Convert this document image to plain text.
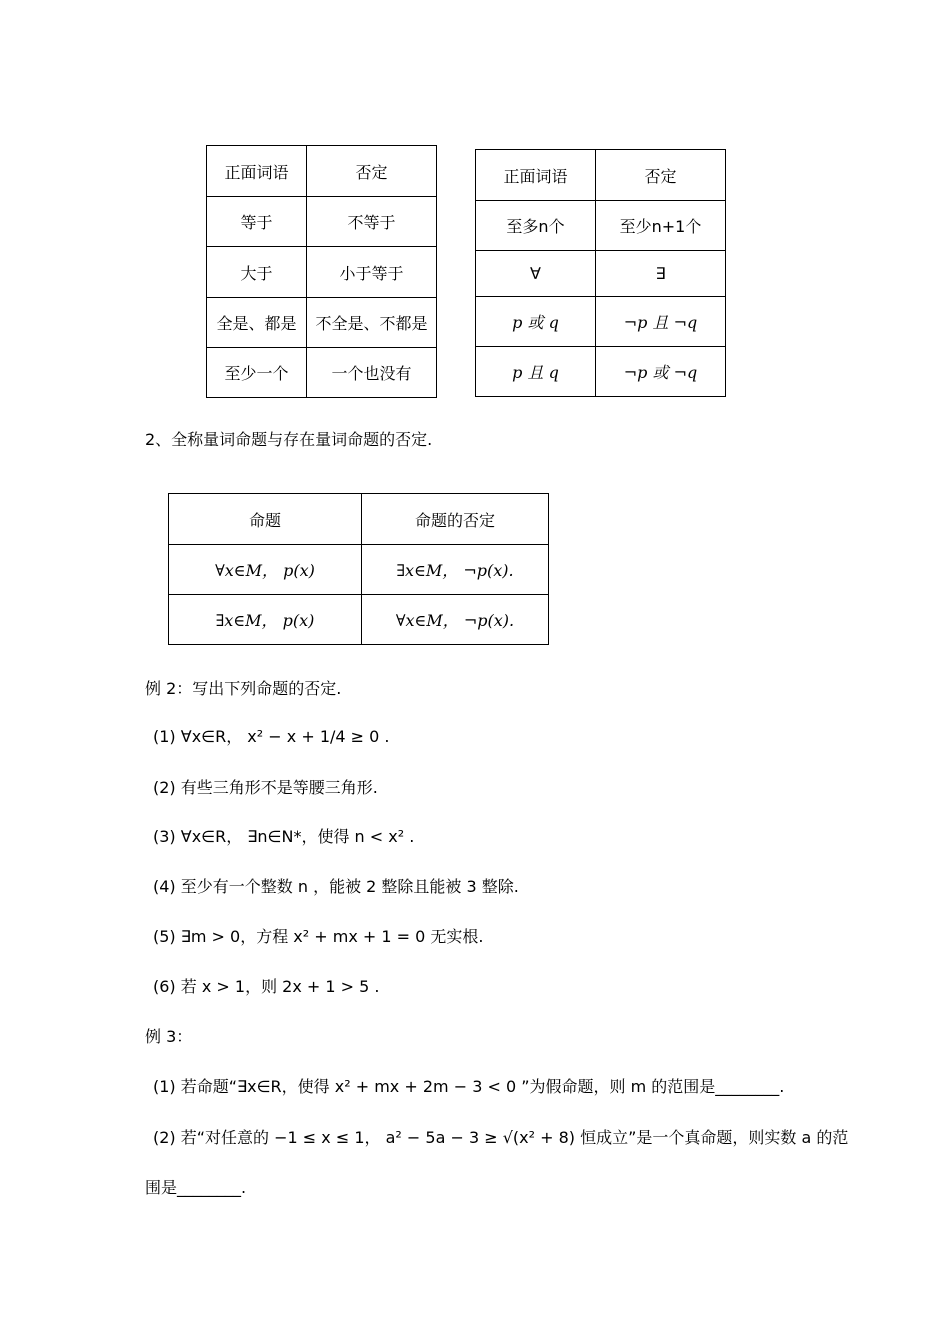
正面词语	否定
等于	不等于
大于	小于等于
全是、都是	不全是、不都是
至少一个	一个也没有
正面词语	否定
至多n个	至少n+1个
∀	∃
p 或 q	¬p 且 ¬q
p 且 q	¬p 或 ¬q
2、全称量词命题与存在量词命题的否定.
命题	命题的否定
∀x∈M， p(x)	∃x∈M， ¬p(x).
∃x∈M， p(x)	∀x∈M， ¬p(x).
例 2：写出下列命题的否定.
(1) ∀x∈R， x² − x + 1/4 ≥ 0 .
(2) 有些三角形不是等腰三角形.
(3) ∀x∈R， ∃n∈N*，使得 n < x² .
(4) 至少有一个整数 n ，能被 2 整除且能被 3 整除.
(5) ∃m > 0，方程 x² + mx + 1 = 0 无实根.
(6) 若 x > 1，则 2x + 1 > 5 .
例 3：
(1) 若命题“∃x∈R，使得 x² + mx + 2m − 3 < 0 ”为假命题，则 m 的范围是________.
(2) 若“对任意的 −1 ≤ x ≤ 1， a² − 5a − 3 ≥ √(x² + 8) 恒成立”是一个真命题，则实数 a 的范
围是________.
